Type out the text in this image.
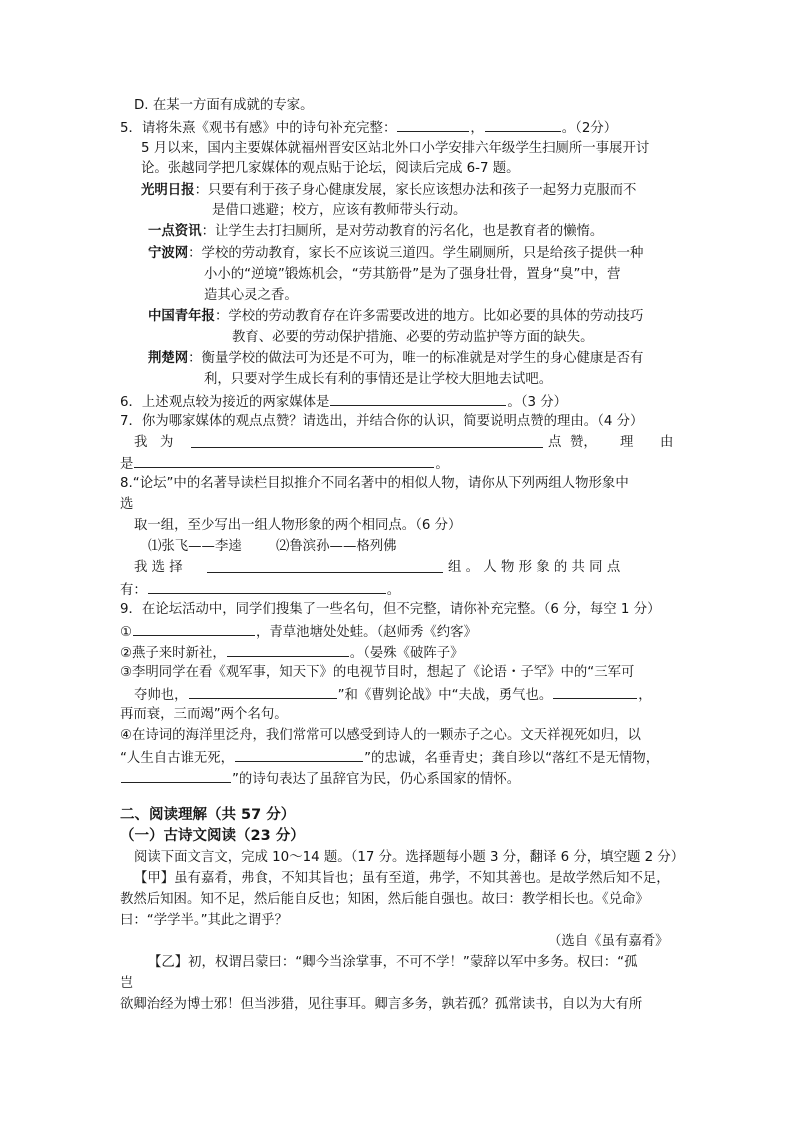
D. 在某一方面有成就的专家。
5．请将朱熹《观书有感》中的诗句补充完整：	，	。（2分）
5 月以来，国内主要媒体就福州晋安区站北外口小学安排六年级学生扫厕所一事展开讨
论。张越同学把几家媒体的观点贴于论坛，阅读后完成 6-7 题。
光明日报：只要有利于孩子身心健康发展，家长应该想办法和孩子一起努力克服而不
是借口逃避；校方，应该有教师带头行动。
一点资讯：让学生去打扫厕所，是对劳动教育的污名化，也是教育者的懒惰。
宁波网：学校的劳动教育，家长不应该说三道四。学生刷厕所，只是给孩子提供一种
小小的“逆境”锻炼机会，“劳其筋骨”是为了强身壮骨，置身“臭”中，营
造其心灵之香。
中国青年报：学校的劳动教育存在许多需要改进的地方。比如必要的具体的劳动技巧
教育、必要的劳动保护措施、必要的劳动监护等方面的缺失。
荆楚网：衡量学校的做法可为还是不可为，唯一的标准就是对学生的身心健康是否有
利，只要对学生成长有利的事情还是让学校大胆地去试吧。
6．上述观点较为接近的两家媒体是	。（3 分）
7．你为哪家媒体的观点点赞？请选出，并结合你的认识，简要说明点赞的理由。（4 分）
我 为	点 赞， 理 由
是	。
8.“论坛”中的名著导读栏目拟推介不同名著中的相似人物，请你从下列两组人物形象中
选
取一组，至少写出一组人物形象的两个相同点。（6 分）
⑴张飞——李逵	⑵鲁滨孙——格列佛
我 选 择	组 。 人 物 形 象 的 共 同 点
有：	。
9．在论坛活动中，同学们搜集了一些名句，但不完整，请你补充完整。（6 分，每空 1 分）
①	，青草池塘处处蛙。（赵师秀《约客》
②燕子来时新社，	。（晏殊《破阵子》
③李明同学在看《观军事，知天下》的电视节目时，想起了《论语・子罕》中的“三军可
夺帅也，	”和《曹刿论战》中“夫战，勇气也。	，
再而衰，三而竭”两个名句。
④在诗词的海洋里泛舟，我们常常可以感受到诗人的一颗赤子之心。文天祥视死如归，以
“人生自古谁无死，	”的忠诚，名垂青史；龚自珍以“落红不是无情物，
”的诗句表达了虽辞官为民，仍心系国家的情怀。
二、阅读理解（共 57 分）
（一）古诗文阅读（23 分）
阅读下面文言文，完成 10～14 题。（17 分。选择题每小题 3 分，翻译 6 分，填空题 2 分）
【甲】虽有嘉肴，弗食，不知其旨也；虽有至道，弗学，不知其善也。是故学然后知不足，
教然后知困。知不足，然后能自反也；知困，然后能自强也。故曰：教学相长也。《兑命》
曰：“学学半。”其此之谓乎？
（选自《虽有嘉肴》
【乙】初，权谓吕蒙曰：“卿今当涂掌事，不可不学！”蒙辞以军中多务。权曰：“孤
岂
欲卿治经为博士邪！但当涉猎，见往事耳。卿言多务，孰若孤？孤常读书，自以为大有所
